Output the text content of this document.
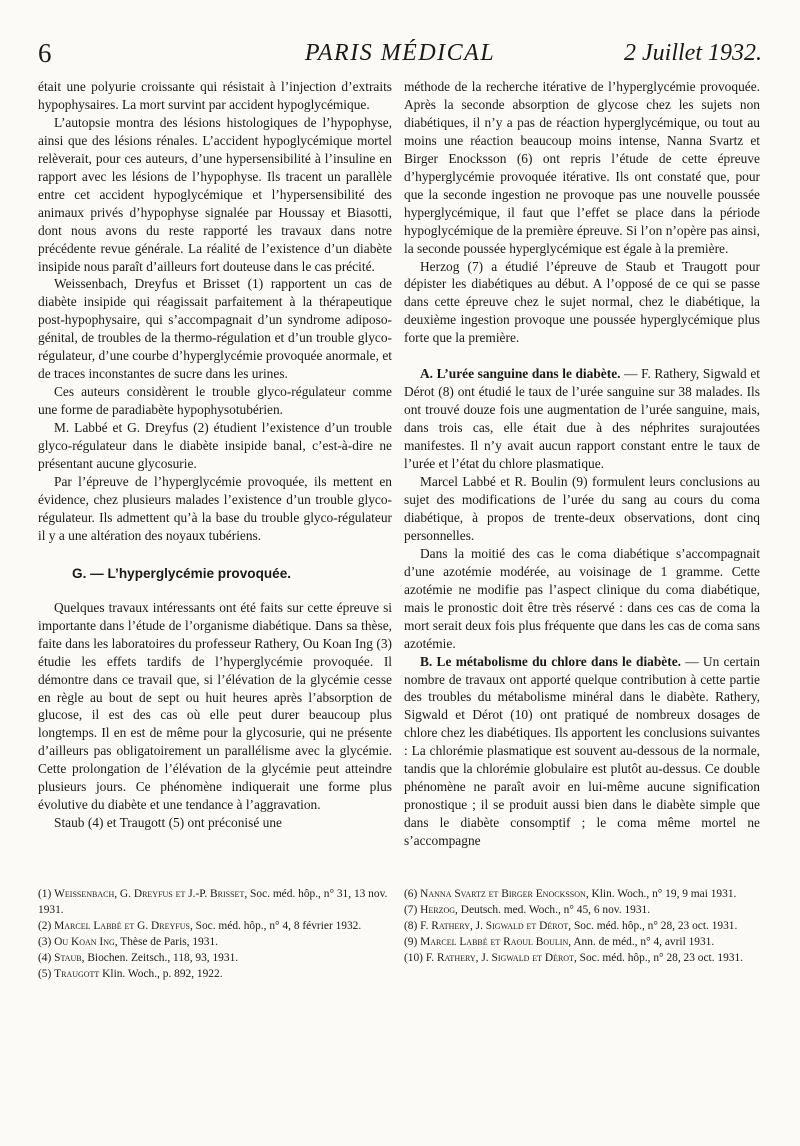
6	PARIS MÉDICAL	2 Juillet 1932.

était une polyurie croissante qui résistait à l’injection d’extraits hypophysaires. La mort survint par accident hypoglycémique.

L’autopsie montra des lésions histologiques de l’hypophyse, ainsi que des lésions rénales. L’accident hypoglycémique mortel relèverait, pour ces auteurs, d’une hypersensibilité à l’insuline en rapport avec les lésions de l’hypophyse. Ils tracent un parallèle entre cet accident hypoglycémique et l’hypersensibilité des animaux privés d’hypophyse signalée par Houssay et Biasotti, dont nous avons du reste rapporté les travaux dans notre précédente revue générale. La réalité de l’existence d’un diabète insipide nous paraît d’ailleurs fort douteuse dans le cas précité.

Weissenbach, Dreyfus et Brisset (1) rapportent un cas de diabète insipide qui réagissait parfaitement à la thérapeutique post-hypophysaire, qui s’accompagnait d’un syndrome adiposo-génital, de troubles de la thermo-régulation et d’un trouble glyco-régulateur, d’une courbe d’hyperglycémie provoquée anormale, et de traces inconstantes de sucre dans les urines.

Ces auteurs considèrent le trouble glyco-régulateur comme une forme de paradiabète hypophysotubérien.

M. Labbé et G. Dreyfus (2) étudient l’existence d’un trouble glyco-régulateur dans le diabète insipide banal, c’est-à-dire ne présentant aucune glycosurie.

Par l’épreuve de l’hyperglycémie provoquée, ils mettent en évidence, chez plusieurs malades l’existence d’un trouble glyco-régulateur. Ils admettent qu’à la base du trouble glyco-régulateur il y a une altération des noyaux tubériens.

G. — L’hyperglycémie provoquée.

Quelques travaux intéressants ont été faits sur cette épreuve si importante dans l’étude de l’organisme diabétique. Dans sa thèse, faite dans les laboratoires du professeur Rathery, Ou Koan Ing (3) étudie les effets tardifs de l’hyperglycémie provoquée. Il démontre dans ce travail que, si l’élévation de la glycémie cesse en règle au bout de sept ou huit heures après l’absorption de glucose, il est des cas où elle peut durer beaucoup plus longtemps. Il en est de même pour la glycosurie, qui ne présente d’ailleurs pas obligatoirement un parallélisme avec la glycémie. Cette prolongation de l’élévation de la glycémie peut atteindre plusieurs jours. Ce phénomène indiquerait une forme plus évolutive du diabète et une tendance à l’aggravation.

Staub (4) et Traugott (5) ont préconisé une

méthode de la recherche itérative de l’hyperglycémie provoquée. Après la seconde absorption de glycose chez les sujets non diabétiques, il n’y a pas de réaction hyperglycémique, ou tout au moins une réaction beaucoup moins intense, Nanna Svartz et Birger Enocksson (6) ont repris l’étude de cette épreuve d’hyperglycémie provoquée itérative. Ils ont constaté que, pour que la seconde ingestion ne provoque pas une nouvelle poussée hyperglycémique, il faut que l’effet se place dans la période hypoglycémique de la première épreuve. Si l’on n’opère pas ainsi, la seconde poussée hyperglycémique est égale à la première.

Herzog (7) a étudié l’épreuve de Staub et Traugott pour dépister les diabétiques au début. A l’opposé de ce qui se passe dans cette épreuve chez le sujet normal, chez le diabétique, la deuxième ingestion provoque une poussée hyperglycémique plus forte que la première.

A. L’urée sanguine dans le diabète. — F. Rathery, Sigwald et Dérot (8) ont étudié le taux de l’urée sanguine sur 38 malades. Ils ont trouvé douze fois une augmentation de l’urée sanguine, mais, dans trois cas, elle était due à des néphrites surajoutées manifestes. Il n’y avait aucun rapport constant entre le taux de l’urée et l’état du chlore plasmatique.

Marcel Labbé et R. Boulin (9) formulent leurs conclusions au sujet des modifications de l’urée du sang au cours du coma diabétique, à propos de trente-deux observations, dont cinq personnelles.

Dans la moitié des cas le coma diabétique s’accompagnait d’une azotémie modérée, au voisinage de 1 gramme. Cette azotémie ne modifie pas l’aspect clinique du coma diabétique, mais le pronostic doit être très réservé : dans ces cas de coma la mort serait deux fois plus fréquente que dans les cas de coma sans azotémie.

B. Le métabolisme du chlore dans le diabète. — Un certain nombre de travaux ont apporté quelque contribution à cette partie des troubles du métabolisme minéral dans le diabète. Rathery, Sigwald et Dérot (10) ont pratiqué de nombreux dosages de chlore chez les diabétiques. Ils apportent les conclusions suivantes : La chlorémie plasmatique est souvent au-dessous de la normale, tandis que la chlorémie globulaire est plutôt au-dessus. Ce double phénomène ne paraît avoir en lui-même aucune signification pronostique ; il se produit aussi bien dans le diabète simple que dans le diabète consomptif ; le coma même mortel ne s’accompagne

(1) Weissenbach, G. Dreyfus et J.-P. Brisset, Soc. méd. hôp., n° 31, 13 nov. 1931.

(2) Marcel Labbé et G. Dreyfus, Soc. méd. hôp., n° 4, 8 février 1932.

(3) Ou Koan Ing, Thèse de Paris, 1931.

(4) Staub, Biochen. Zeitsch., 118, 93, 1931.

(5) Traugott Klin. Woch., p. 892, 1922.

(6) Nanna Svartz et Birger Enocksson, Klin. Woch., n° 19, 9 mai 1931.

(7) Herzog, Deutsch. med. Woch., n° 45, 6 nov. 1931.

(8) F. Rathery, J. Sigwald et Dérot, Soc. méd. hôp., n° 28, 23 oct. 1931.

(9) Marcel Labbé et Raoul Boulin, Ann. de méd., n° 4, avril 1931.

(10) F. Rathery, J. Sigwald et Dérot, Soc. méd. hôp., n° 28, 23 oct. 1931.
